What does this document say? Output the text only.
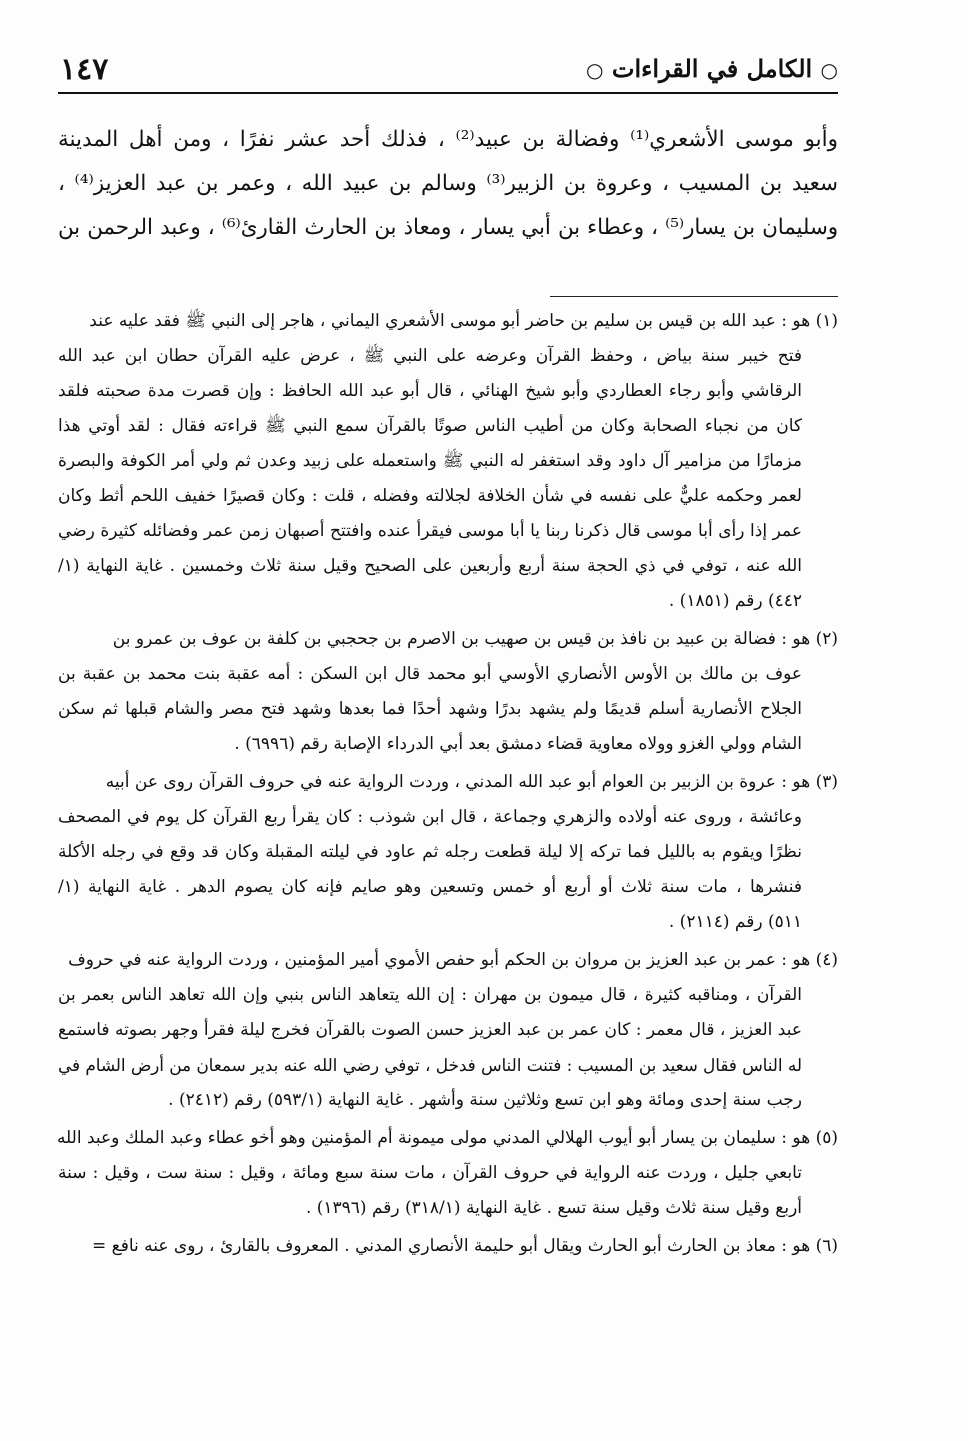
○ الكامل في القراءات ○
١٤٧

وأبو موسى الأشعري⁽¹⁾ وفضالة بن عبيد⁽²⁾ ، فذلك أحد عشر نفرًا ، ومن أهل المدينة

سعيد بن المسيب ، وعروة بن الزبير⁽³⁾ وسالم بن عبيد الله ، وعمر بن عبد العزيز⁽⁴⁾ ،

وسليمان بن يسار⁽⁵⁾ ، وعطاء بن أبي يسار ، ومعاذ بن الحارث القارئ⁽⁶⁾ ، وعبد الرحمن بن

(١) هو : عبد الله بن قيس بن سليم بن حاضر أبو موسى الأشعري اليماني ، هاجر إلى النبي ﷺ فقد عليه عند
فتح خيبر سنة بياض ، وحفظ القرآن وعرضه على النبي ﷺ ، عرض عليه القرآن حطان ابن عبد الله
الرقاشي وأبو رجاء العطاردي وأبو شيخ الهنائي ، قال أبو عبد الله الحافظ : وإن قصرت مدة صحبته فلقد
كان من نجباء الصحابة وكان من أطيب الناس صوتًا بالقرآن سمع النبي ﷺ قراءته فقال : لقد أوتي هذا
مزمارًا من مزامير آل داود وقد استغفر له النبي ﷺ واستعمله على زبيد وعدن ثم ولي أمر الكوفة والبصرة
لعمر وحكمه عليٌّ على نفسه في شأن الخلافة لجلالته وفضله ، قلت : وكان قصيرًا خفيف اللحم أثط وكان
عمر إذا رأى أبا موسى قال ذكرنا ربنا يا أبا موسى فيقرأ عنده وافتتح أصبهان زمن عمر وفضائله كثيرة رضي
الله عنه ، توفي في ذي الحجة سنة أربع وأربعين على الصحيح وقيل سنة ثلاث وخمسين . غاية النهاية (١/
٤٤٢) رقم (١٨٥١) .
(٢) هو : فضالة بن عبيد بن نافذ بن قيس بن صهيب بن الاصرم بن جحجبي بن كلفة بن عوف بن عمرو بن
عوف بن مالك بن الأوس الأنصاري الأوسي أبو محمد قال ابن السكن : أمه عقبة بنت محمد بن عقبة بن
الجلاح الأنصارية أسلم قديمًا ولم يشهد بدرًا وشهد أحدًا فما بعدها وشهد فتح مصر والشام قبلها ثم سكن
الشام وولي الغزو وولاه معاوية قضاء دمشق بعد أبي الدرداء الإصابة رقم (٦٩٩٦) .
(٣) هو : عروة بن الزبير بن العوام أبو عبد الله المدني ، وردت الرواية عنه في حروف القرآن روى عن أبيه
وعائشة ، وروى عنه أولاده والزهري وجماعة ، قال ابن شوذب : كان يقرأ ربع القرآن كل يوم في المصحف
نظرًا ويقوم به بالليل فما تركه إلا ليلة قطعت رجله ثم عاود في ليلته المقبلة وكان قد وقع في رجله الأكلة
فنشرها ، مات سنة ثلاث أو أربع أو خمس وتسعين وهو صايم فإنه كان يصوم الدهر . غاية النهاية (١/
٥١١) رقم (٢١١٤) .
(٤) هو : عمر بن عبد العزيز بن مروان بن الحكم أبو حفص الأموي أمير المؤمنين ، وردت الرواية عنه في حروف
القرآن ، ومناقبه كثيرة ، قال ميمون بن مهران : إن الله يتعاهد الناس بنبي وإن الله تعاهد الناس بعمر بن
عبد العزيز ، قال معمر : كان عمر بن عبد العزيز حسن الصوت بالقرآن فخرج ليلة فقرأ وجهر بصوته فاستمع
له الناس فقال سعيد بن المسيب : فتنت الناس فدخل ، توفي رضي الله عنه بدير سمعان من أرض الشام في
رجب سنة إحدى ومائة وهو ابن تسع وثلاثين سنة وأشهر . غاية النهاية (٥٩٣/١) رقم (٢٤١٢) .
(٥) هو : سليمان بن يسار أبو أيوب الهلالي المدني مولى ميمونة أم المؤمنين وهو أخو عطاء وعبد الملك وعبد الله
تابعي جليل ، وردت عنه الرواية في حروف القرآن ، مات سنة سبع ومائة ، وقيل : سنة ست ، وقيل : سنة
أربع وقيل سنة ثلاث وقيل سنة تسع . غاية النهاية (٣١٨/١) رقم (١٣٩٦) .
(٦) هو : معاذ بن الحارث أبو الحارث ويقال أبو حليمة الأنصاري المدني . المعروف بالقارئ ، روى عنه نافع =
